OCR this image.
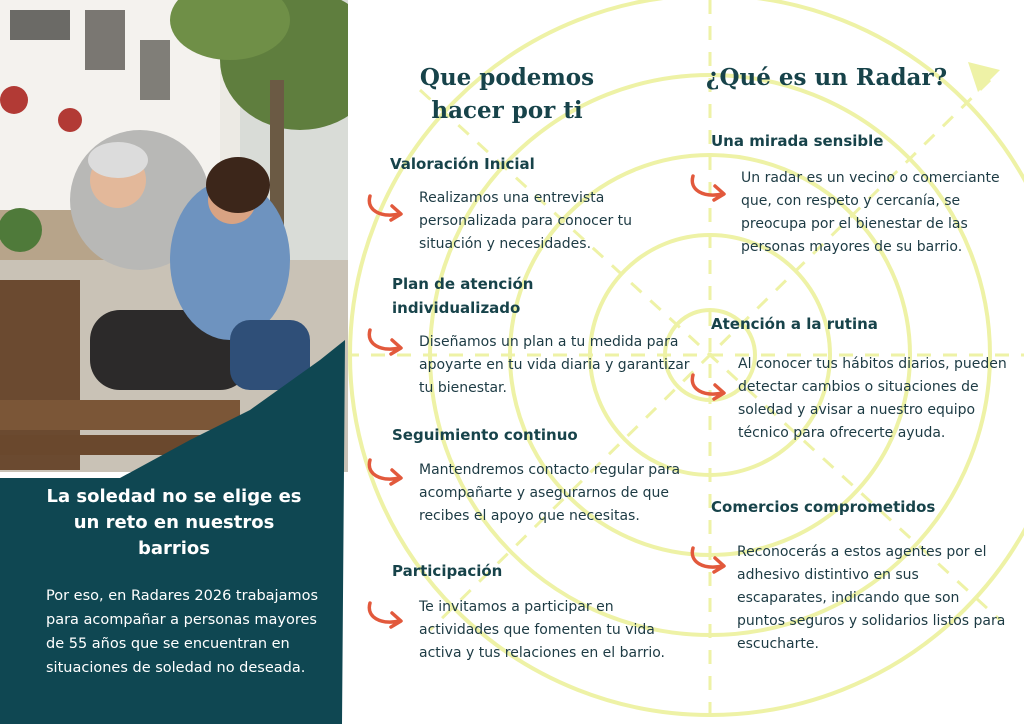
La soledad no se elige es un reto en nuestros barrios

Por eso, en Radares 2026 trabajamos para acompañar a personas mayores de 55 años que se encuentran en situaciones de soledad no deseada.

Que podemos
hacer por ti
Valoración Inicial

Realizamos una entrevista personalizada para conocer tu situación y necesidades.

Plan de atención individualizado

Diseñamos un plan a tu medida para apoyarte en tu vida diaria y garantizar tu bienestar.

Seguimiento continuo

Mantendremos contacto regular para acompañarte y asegurarnos de que recibes el apoyo que necesitas.

Participación

Te invitamos a participar en actividades que fomenten tu vida activa y tus relaciones en el barrio.

¿Qué es un Radar?
Una mirada sensible

Un radar es un vecino o comerciante que, con respeto y cercanía, se preocupa por el bienestar de las personas mayores de su barrio.

Atención a la rutina

Al conocer tus hábitos diarios, pueden detectar cambios o situaciones de soledad y avisar a nuestro equipo técnico para ofrecerte ayuda.

Comercios comprometidos

Reconocerás a estos agentes por el adhesivo distintivo en sus escaparates, indicando que son puntos seguros y solidarios listos para escucharte.
